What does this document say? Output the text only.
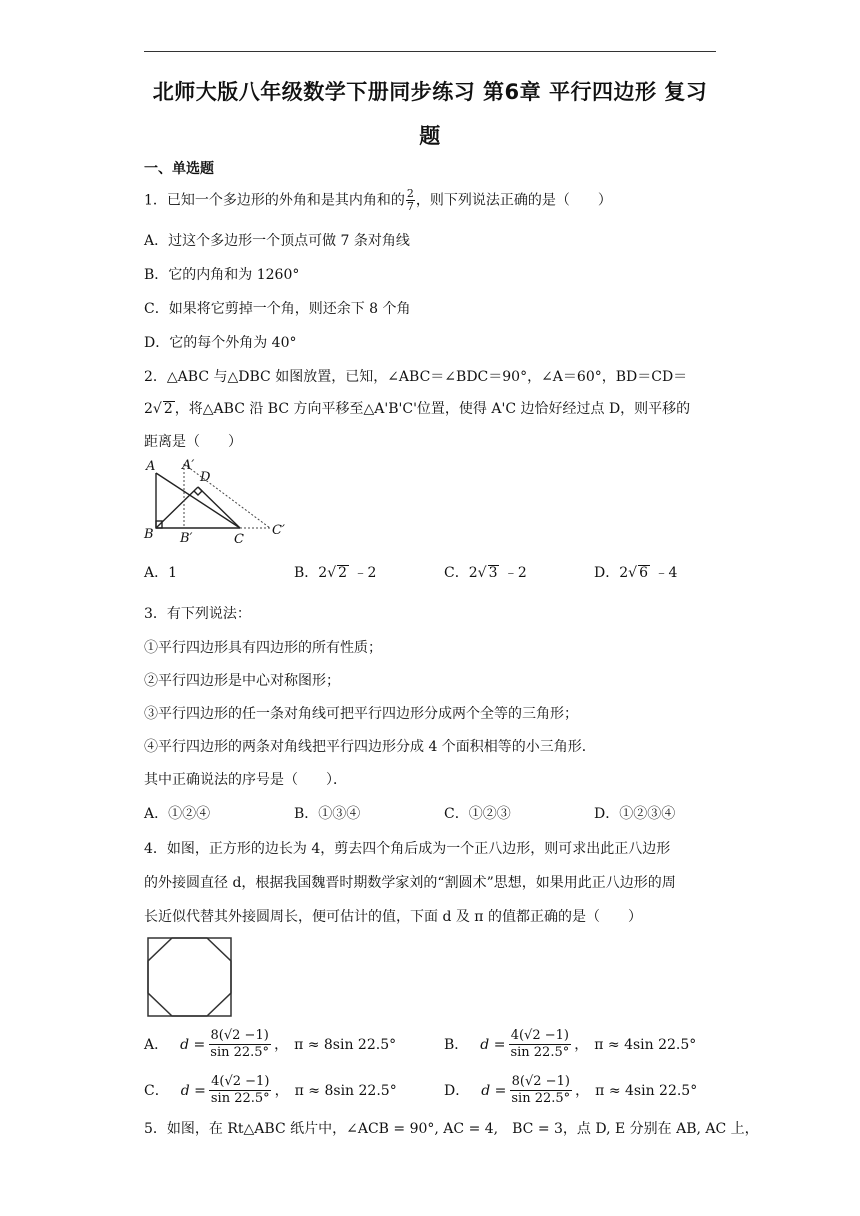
北师大版八年级数学下册同步练习 第6章 平行四边形 复习
题
一、单选题
1．已知一个多边形的外角和是其内角和的 $\frac{2}{7}$ ，则下列说法正确的是（　　）
A．过这个多边形一个顶点可做 7 条对角线
B．它的内角和为 1260°
C．如果将它剪掉一个角，则还余下 8 个角
D．它的每个外角为 40°
2．△ABC 与△DBC 如图放置，已知，∠ABC＝∠BDC＝90°，∠A＝60°，BD＝CD＝
2√ 2 ，将△ABC 沿 BC 方向平移至△A'B'C'位置，使得 A'C 边恰好经过点 D，则平移的
距离是（　　）
A A′
D
B B′	C
C′
A．1	B．2√ 2 ﹣2	C．2√ 3 ﹣2	D．2√ 6 ﹣4
3．有下列说法：
①平行四边形具有四边形的所有性质；
②平行四边形是中心对称图形；
③平行四边形的任一条对角线可把平行四边形分成两个全等的三角形；
④平行四边形的两条对角线把平行四边形分成 4 个面积相等的小三角形．
其中正确说法的序号是（　　）．
A．①②④	B．①③④	C．①②③	D．①②③④
4．如图，正方形的边长为 4，剪去四个角后成为一个正八边形，则可求出此正八边形
的外接圆直径 d，根据我国魏晋时期数学家刘的“割圆术”思想，如果用此正八边形的周
长近似代替其外接圆周长，便可估计的值，下面 d 及 π 的值都正确的是（　　）
A． $d = \frac{8(√2 -1)}{\sin 22.5^\circ}$ ， π ≈ 8sin 22.5°	B． $d = \frac{4(√2 -1)}{\sin 22.5^\circ}$ ， π ≈ 4sin 22.5°
C． $d = \frac{4(√2 -1)}{\sin 22.5^\circ}$ ， π ≈ 8sin 22.5°	D． $d = \frac{8(√2 -1)}{\sin 22.5^\circ}$ ， π ≈ 4sin 22.5°
5．如图，在 Rt△ABC 纸片中，∠ACB = 90°, AC = 4,　BC = 3，点 D, E 分别在 AB, AC 上，
